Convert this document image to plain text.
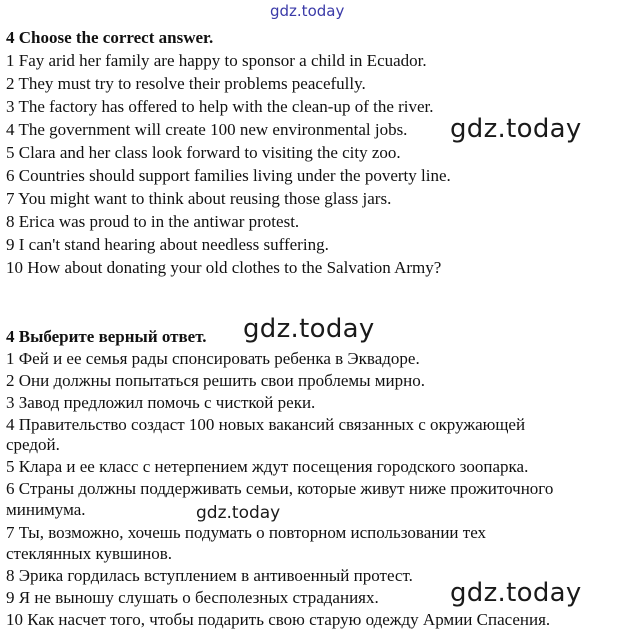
gdz.today
4 Choose the correct answer.
1 Fay arid her family are happy to sponsor a child in Ecuador.
2 They must try to resolve their problems peacefully.
3 The factory has offered to help with the clean-up of the river.
4 The government will create 100 new environmental jobs.
5 Clara and her class look forward to visiting the city zoo.
6 Countries should support families living under the poverty line.
7 You might want to think about reusing those glass jars.
8 Erica was proud to in the antiwar protest.
9 I can't stand hearing about needless suffering.
10 How about donating your old clothes to the Salvation Army?
gdz.today
4 Выберите верный ответ. gdz.today
1 Фей и ее семья рады спонсировать ребенка в Эквадоре.
2 Они должны попытаться решить свои проблемы мирно.
3 Завод предложил помочь с чисткой реки.
4 Правительство создаст 100 новых вакансий связанных с окружающей
средой.
5 Клара и ее класс с нетерпением ждут посещения городского зоопарка.
6 Страны должны поддерживать семьи, которые живут ниже прожиточного
минимума.	gdz.today
7 Ты, возможно, хочешь подумать о повторном использовании тех
стеклянных кувшинов.
8 Эрика гордилась вступлением в антивоенный протест.
9 Я не выношу слушать о бесполезных страданиях.
10 Как насчет того, чтобы подарить свою старую одежду Армии Спасения.
gdz.today
